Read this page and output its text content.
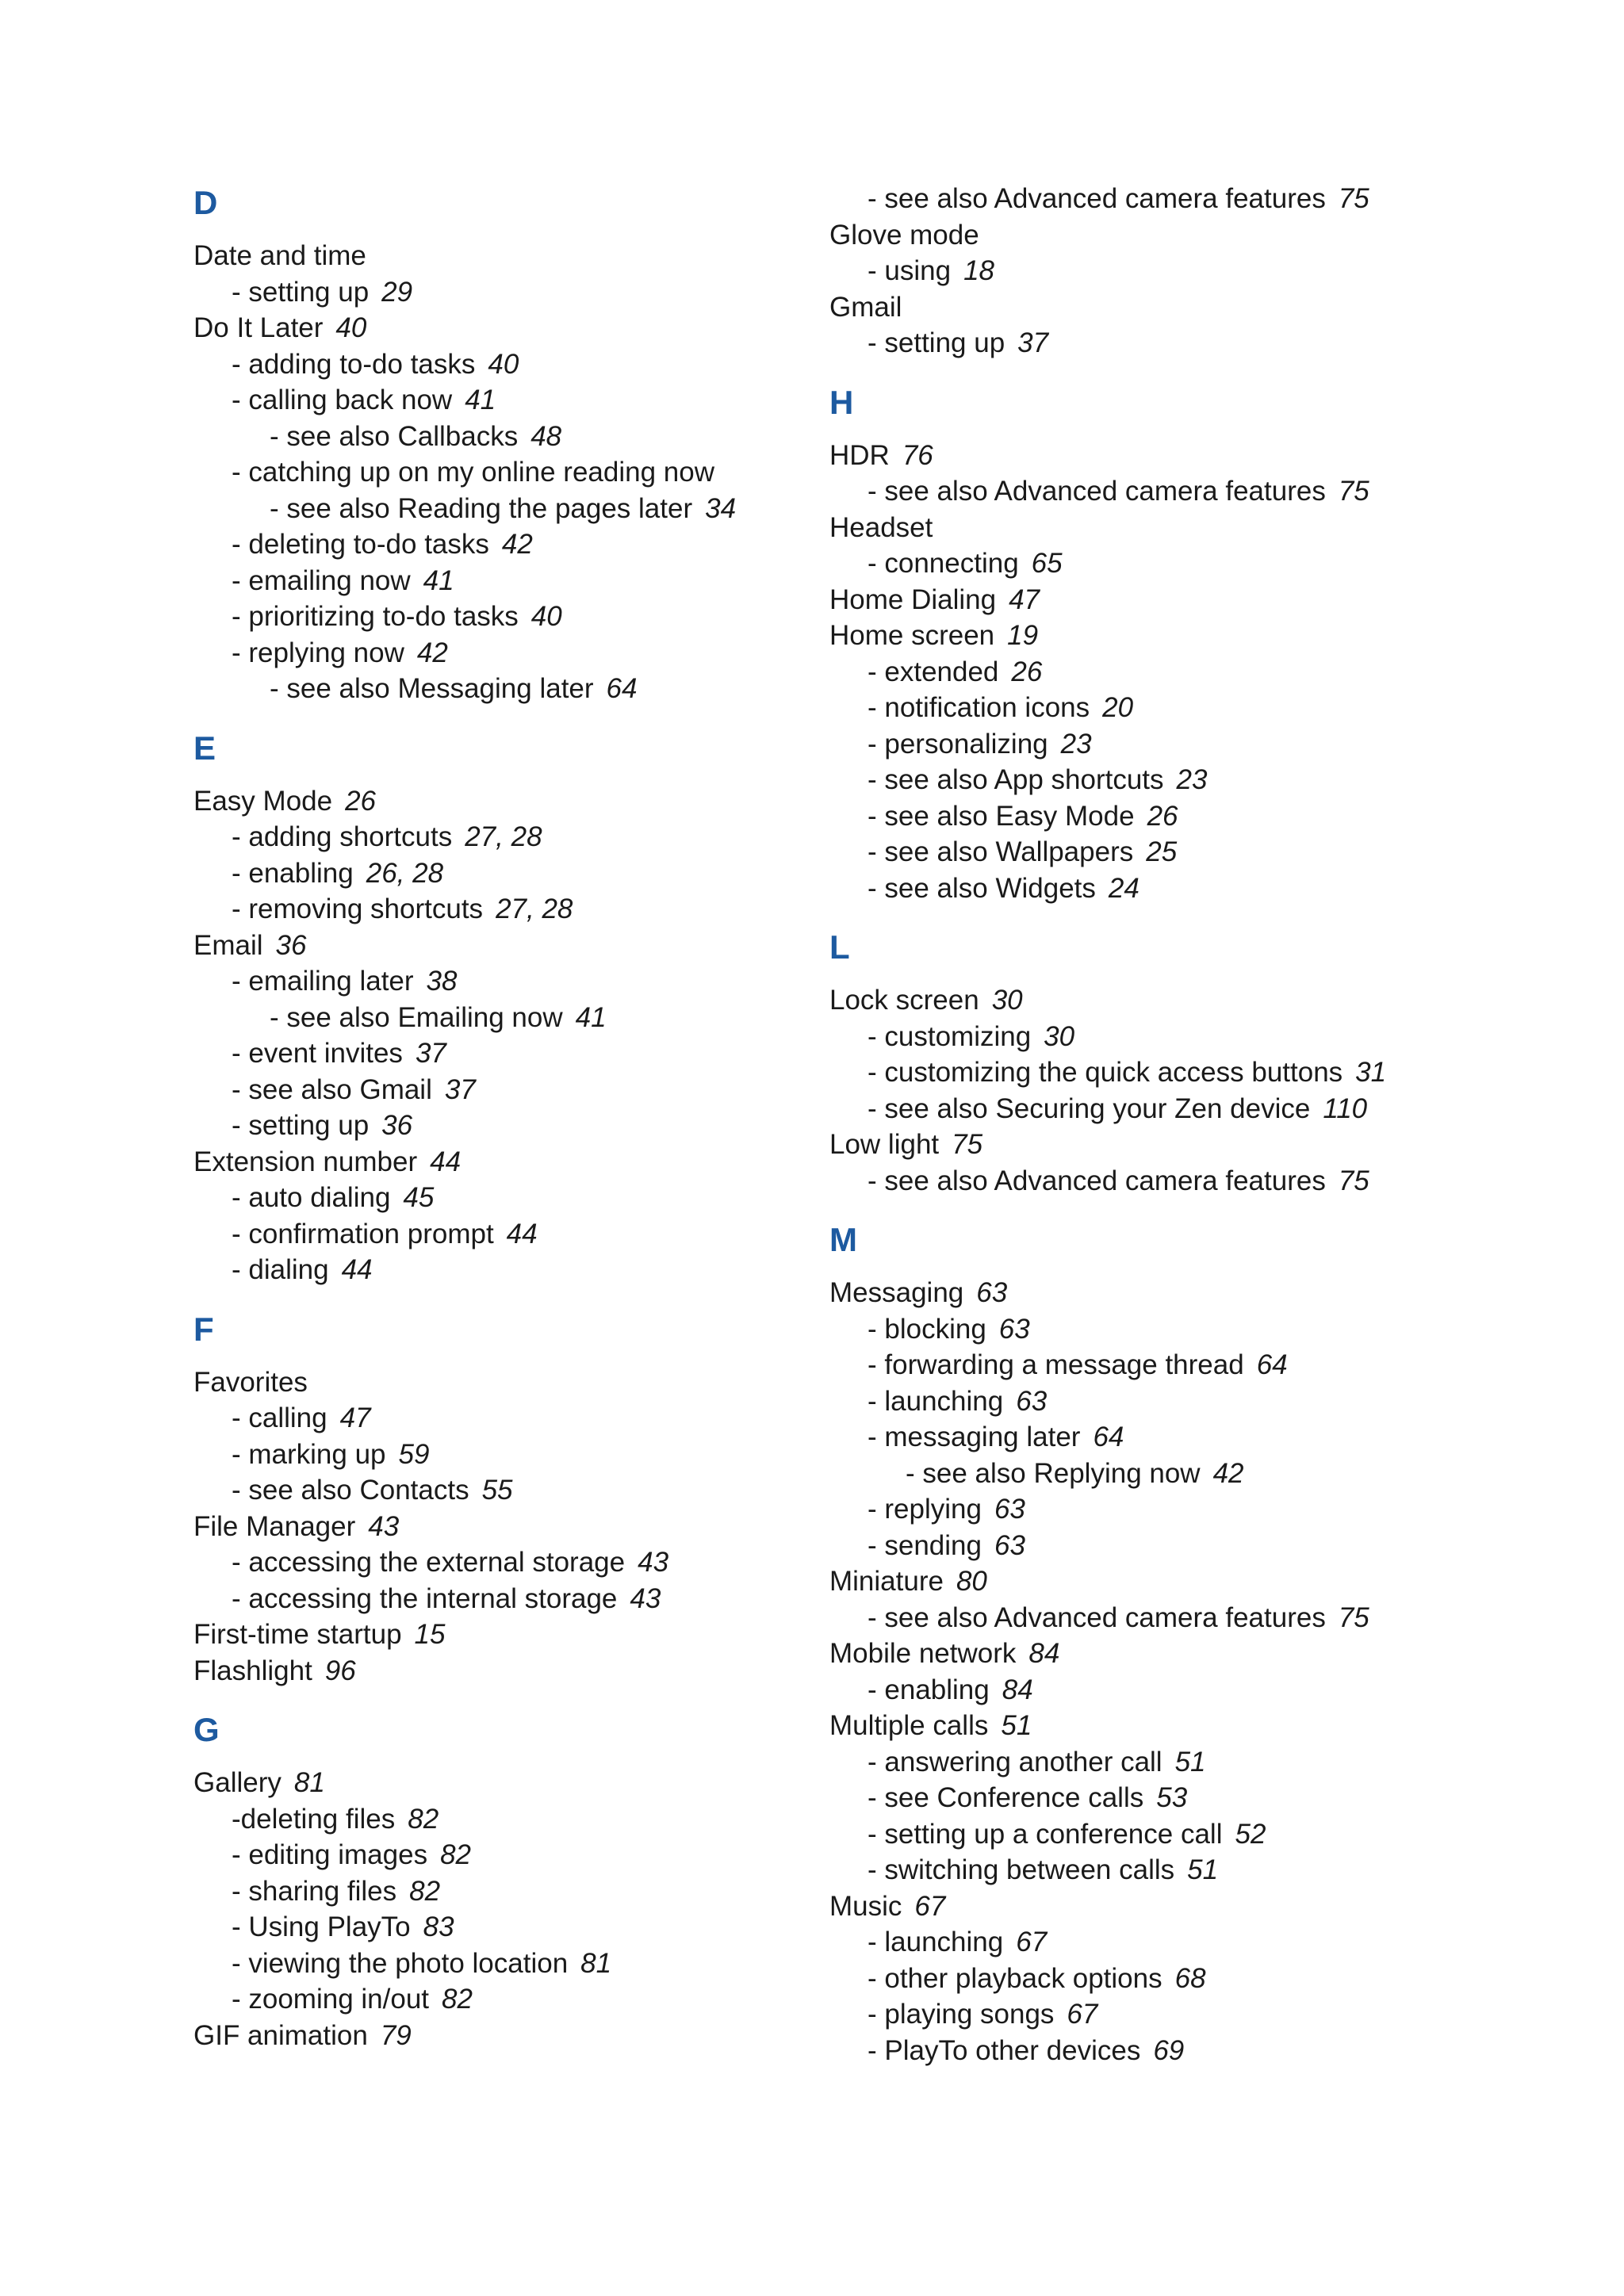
D
Date and time
- setting up 29
Do It Later 40
- adding to-do tasks 40
- calling back now 41
- see also Callbacks 48
- catching up on my online reading now
- see also Reading the pages later 34
- deleting to-do tasks 42
- emailing now 41
- prioritizing to-do tasks 40
- replying now 42
- see also Messaging later 64
E
Easy Mode 26
- adding shortcuts 27, 28
- enabling 26, 28
- removing shortcuts 27, 28
Email 36
- emailing later 38
- see also Emailing now 41
- event invites 37
- see also Gmail 37
- setting up 36
Extension number 44
- auto dialing 45
- confirmation prompt 44
- dialing 44
F
Favorites
- calling 47
- marking up 59
- see also Contacts 55
File Manager 43
- accessing the external storage 43
- accessing the internal storage 43
First-time startup 15
Flashlight 96
G
Gallery 81
-deleting files 82
- editing images 82
- sharing files 82
- Using PlayTo 83
- viewing the photo location 81
- zooming in/out 82
GIF animation 79
- see also Advanced camera features 75
Glove mode
- using 18
Gmail
- setting up 37
H
HDR 76
- see also Advanced camera features 75
Headset
- connecting 65
Home Dialing 47
Home screen 19
- extended 26
- notification icons 20
- personalizing 23
- see also App shortcuts 23
- see also Easy Mode 26
- see also Wallpapers 25
- see also Widgets 24
L
Lock screen 30
- customizing 30
- customizing the quick access buttons 31
- see also Securing your Zen device 110
Low light 75
- see also Advanced camera features 75
M
Messaging 63
- blocking 63
- forwarding a message thread 64
- launching 63
- messaging later 64
- see also Replying now 42
- replying 63
- sending 63
Miniature 80
- see also Advanced camera features 75
Mobile network 84
- enabling 84
Multiple calls 51
- answering another call 51
- see Conference calls 53
- setting up a conference call 52
- switching between calls 51
Music 67
- launching 67
- other playback options 68
- playing songs 67
- PlayTo other devices 69
